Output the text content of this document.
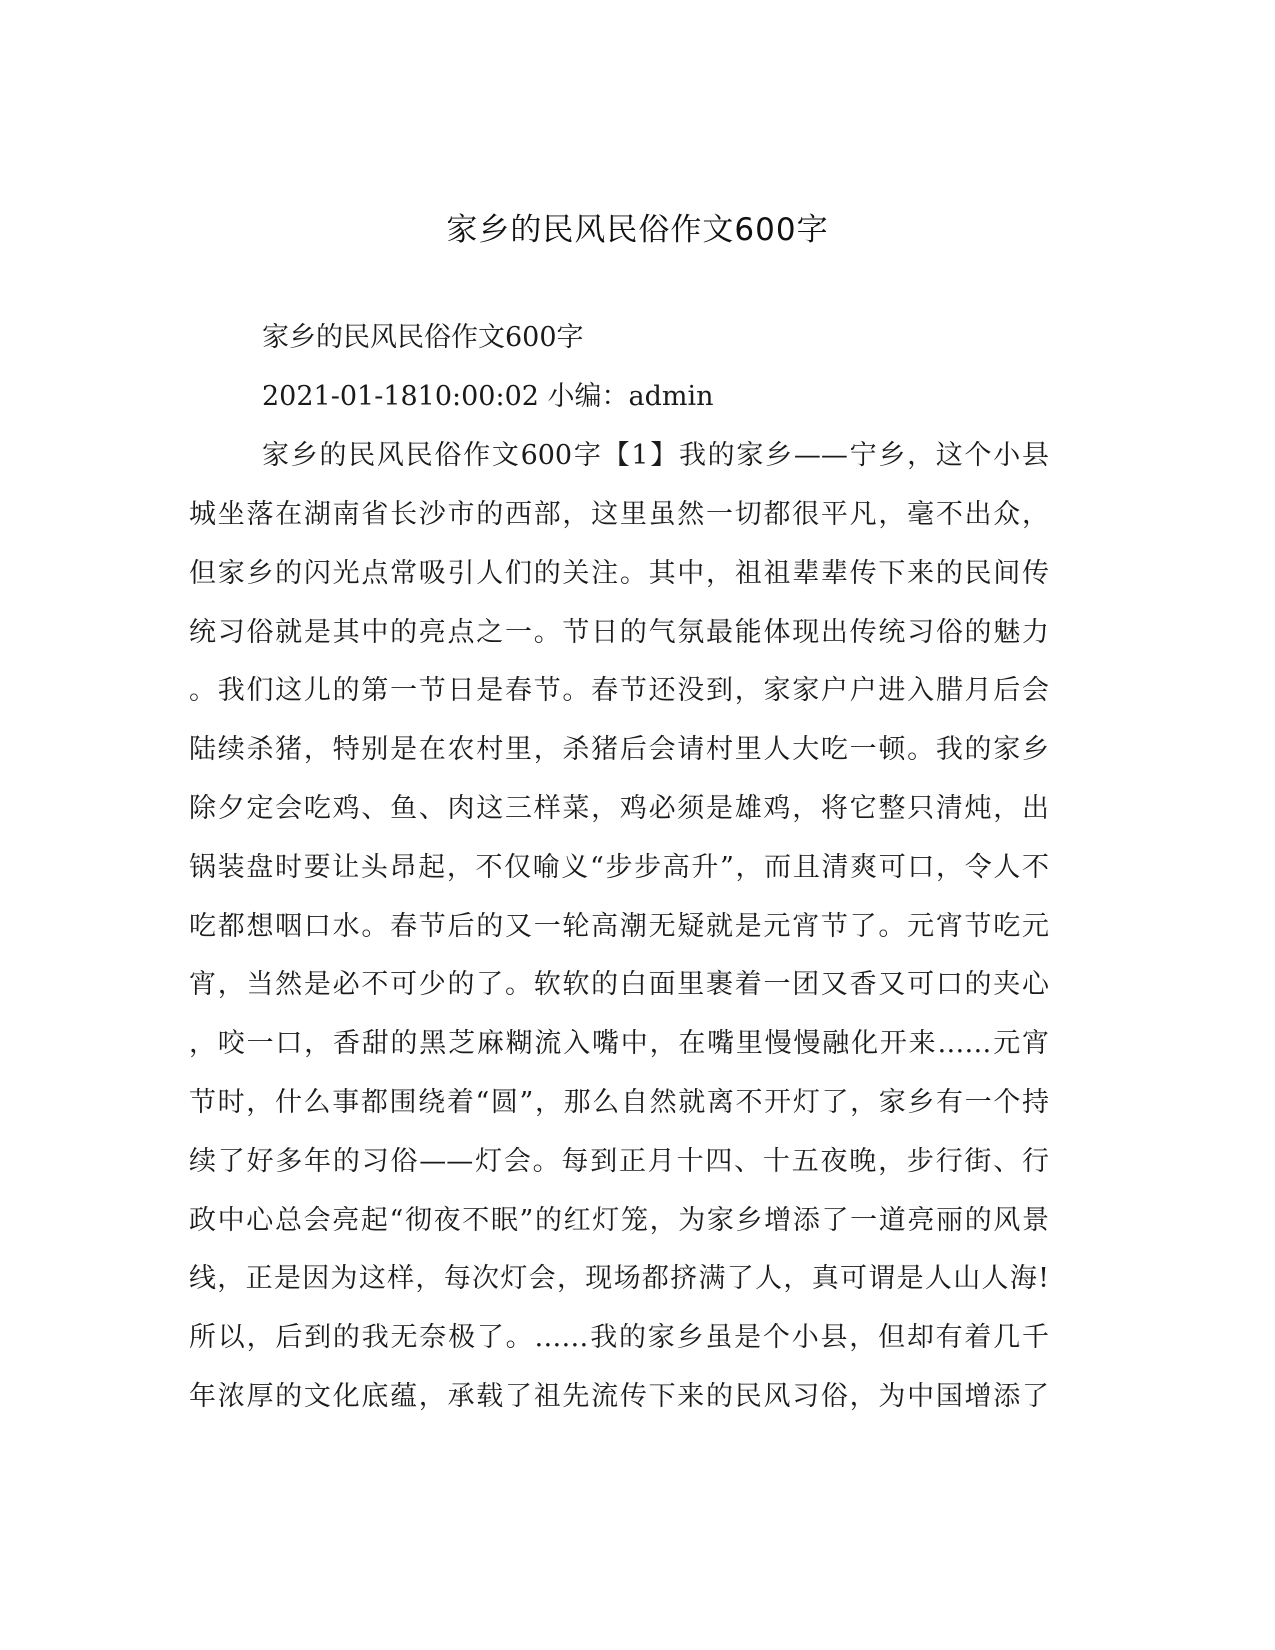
家乡的民风民俗作文600字
家乡的民风民俗作文600字
2021-01-1810:00:02 小编：admin
家乡的民风民俗作文600字【1】我的家乡——宁乡，这个小县
城坐落在湖南省长沙市的西部，这里虽然一切都很平凡，毫不出众，
但家乡的闪光点常吸引人们的关注。其中，祖祖辈辈传下来的民间传
统习俗就是其中的亮点之一。节日的气氛最能体现出传统习俗的魅力
。我们这儿的第一节日是春节。春节还没到，家家户户进入腊月后会
陆续杀猪，特别是在农村里，杀猪后会请村里人大吃一顿。我的家乡
除夕定会吃鸡、鱼、肉这三样菜，鸡必须是雄鸡，将它整只清炖，出
锅装盘时要让头昂起，不仅喻义“步步高升”，而且清爽可口，令人不
吃都想咽口水。春节后的又一轮高潮无疑就是元宵节了。元宵节吃元
宵，当然是必不可少的了。软软的白面里裹着一团又香又可口的夹心
，咬一口，香甜的黑芝麻糊流入嘴中，在嘴里慢慢融化开来……元宵
节时，什么事都围绕着“圆”，那么自然就离不开灯了，家乡有一个持
续了好多年的习俗——灯会。每到正月十四、十五夜晚，步行街、行
政中心总会亮起“彻夜不眠”的红灯笼，为家乡增添了一道亮丽的风景
线，正是因为这样，每次灯会，现场都挤满了人，真可谓是人山人海!
所以，后到的我无奈极了。……我的家乡虽是个小县，但却有着几千
年浓厚的文化底蕴，承载了祖先流传下来的民风习俗，为中国增添了
